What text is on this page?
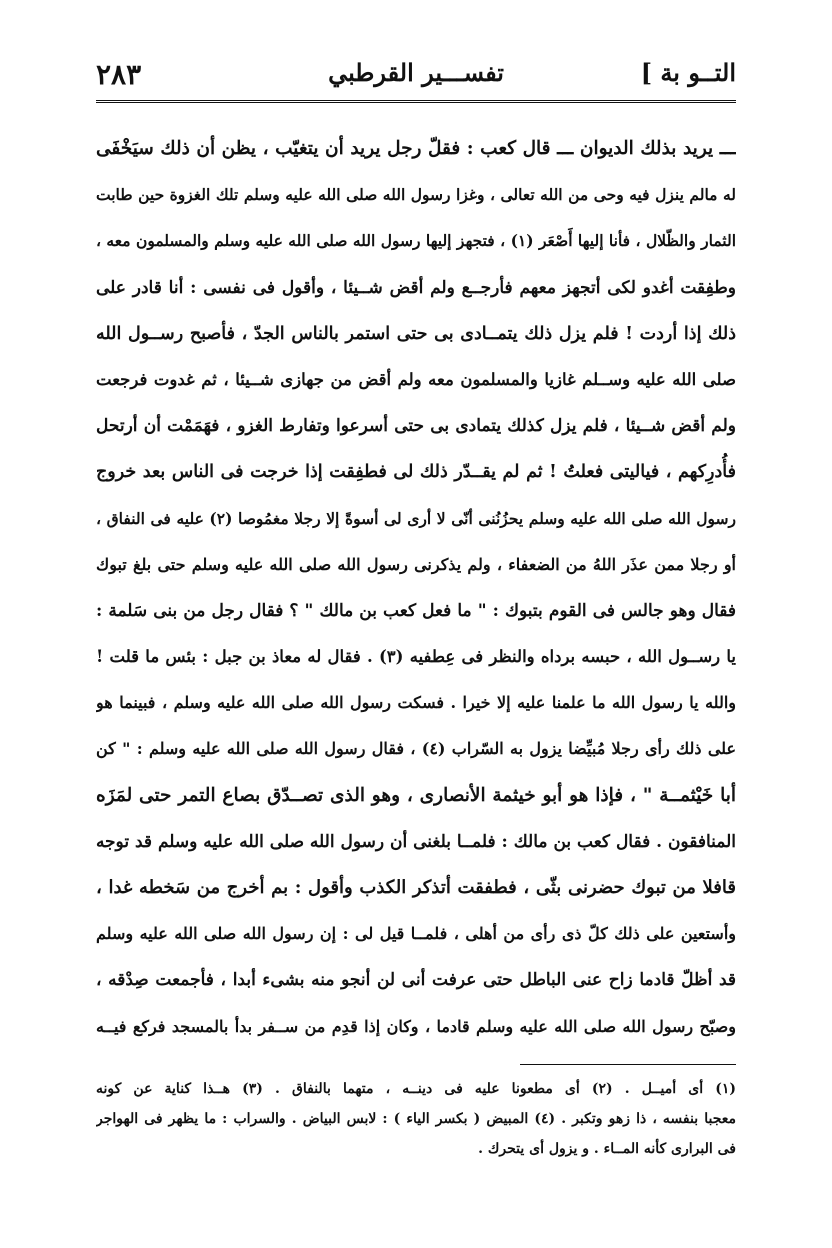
التــو بة ]
تفســـير القرطبي
٢٨٣
ـــ يريد بذلك الديوان ـــ قال كعب : فقلّ رجل يريد أن يتغيّب ، يظن أن ذلك سيَخْفَى
له مالم ينزل فيه وحى من الله تعالى ، وغزا رسول الله صلى الله عليه وسلم تلك الغزوة حين طابت
الثمار والظّلال ، فأنا إليها أَصْعَر (١) ، فتجهز إليها رسول الله صلى الله عليه وسلم والمسلمون معه ،
وطفِقت أغدو لكى أتجهز معهم فأرجــع ولم أقض شــيئا ، وأقول فى نفسى : أنا قادر على
ذلك إذا أردت ! فلم يزل ذلك يتمــادى بى حتى استمر بالناس الجدّ ، فأصبح رســول الله
صلى الله عليه وســلم غازيا والمسلمون معه ولم أقض من جهازى شــيئا ، ثم غدوت فرجعت
ولم أقض شــيئا ، فلم يزل كذلك يتمادى بى حتى أسرعوا وتفارط الغزو ، فهَمَمْت أن أرتحل
فأُدرِكهم ، فياليتى فعلتُ ! ثم لم يقــدّر ذلك لى فطفِقت إذا خرجت فى الناس بعد خروج
رسول الله صلى الله عليه وسلم يحزُنُنى أنّى لا أرى لى أسوةً إلا رجلا مغمُوصا (٢) عليه فى النفاق ،
أو رجلا ممن عذَر اللهُ من الضعفاء ، ولم يذكرنى رسول الله صلى الله عليه وسلم حتى بلغ تبوك
فقال وهو جالس فى القوم بتبوك : " ما فعل كعب بن مالك " ؟ فقال رجل من بنى سَلمة :
يا رســول الله ، حبسه برداه والنظر فى عِطفيه (٣) . فقال له معاذ بن جبل : بئس ما قلت !
والله يا رسول الله ما علمنا عليه إلا خيرا . فسكت رسول الله صلى الله عليه وسلم ، فبينما هو
على ذلك رأى رجلا مُبيِّضا يزول به السّراب (٤) ، فقال رسول الله صلى الله عليه وسلم : " كن
أبا خَيْثمــة " ، فإذا هو أبو خيثمة الأنصارى ، وهو الذى تصــدّق بصاع التمر حتى لمَزَه
المنافقون . فقال كعب بن مالك : فلمــا بلغنى أن رسول الله صلى الله عليه وسلم قد توجه
قافلا من تبوك حضرنى بثّى ، فطفقت أتذكر الكذب وأقول : بم أخرج من سَخطه غدا ،
وأستعين على ذلك كلّ ذى رأى من أهلى ، فلمــا قيل لى : إن رسول الله صلى الله عليه وسلم
قد أظلّ قادما زاح عنى الباطل حتى عرفت أنى لن أنجو منه بشىء أبدا ، فأجمعت صِدْقه ،
وصبّح رسول الله صلى الله عليه وسلم قادما ، وكان إذا قدِم من ســفر بدأ بالمسجد فركع فيــه
(١) أى أميــل . (٢) أى مطعونا عليه فى دينــه ، متهما بالنفاق . (٣) هــذا كناية عن كونه
معجبا بنفسه ، ذا زهو وتكبر . (٤) المبيض ( بكسر الياء ) : لابس البياض . والسراب : ما يظهر فى الهواجر
فى البرارى كأنه المــاء . و يزول أى يتحرك .
